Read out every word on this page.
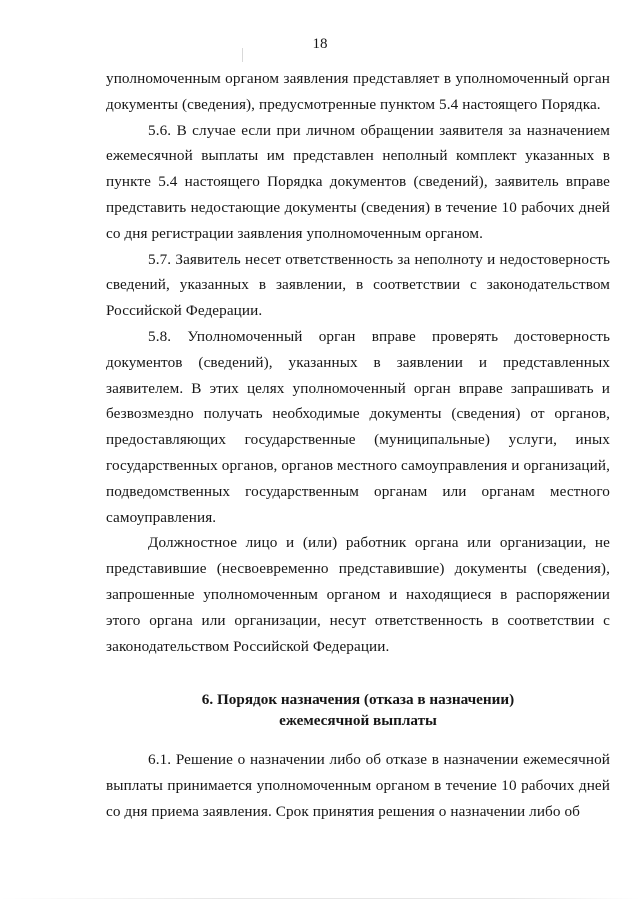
18

уполномоченным органом заявления представляет в уполномоченный орган документы (сведения), предусмотренные пунктом 5.4 настоящего Порядка.

5.6. В случае если при личном обращении заявителя за назначением ежемесячной выплаты им представлен неполный комплект указанных в пункте 5.4 настоящего Порядка документов (сведений), заявитель вправе представить недостающие документы (сведения) в течение 10 рабочих дней со дня регистрации заявления уполномоченным органом.

5.7. Заявитель несет ответственность за неполноту и недостоверность сведений, указанных в заявлении, в соответствии с законодательством Российской Федерации.

5.8. Уполномоченный орган вправе проверять достоверность документов (сведений), указанных в заявлении и представленных заявителем. В этих целях уполномоченный орган вправе запрашивать и безвозмездно получать необходимые документы (сведения) от органов, предоставляющих государственные (муниципальные) услуги, иных государственных органов, органов местного самоуправления и организаций, подведомственных государственным органам или органам местного самоуправления.

Должностное лицо и (или) работник органа или организации, не представившие (несвоевременно представившие) документы (сведения), запрошенные уполномоченным органом и находящиеся в распоряжении этого органа или организации, несут ответственность в соответствии с законодательством Российской Федерации.

6. Порядок назначения (отказа в назначении)
ежемесячной выплаты

6.1. Решение о назначении либо об отказе в назначении ежемесячной выплаты принимается уполномоченным органом в течение 10 рабочих дней со дня приема заявления. Срок принятия решения о назначении либо об
